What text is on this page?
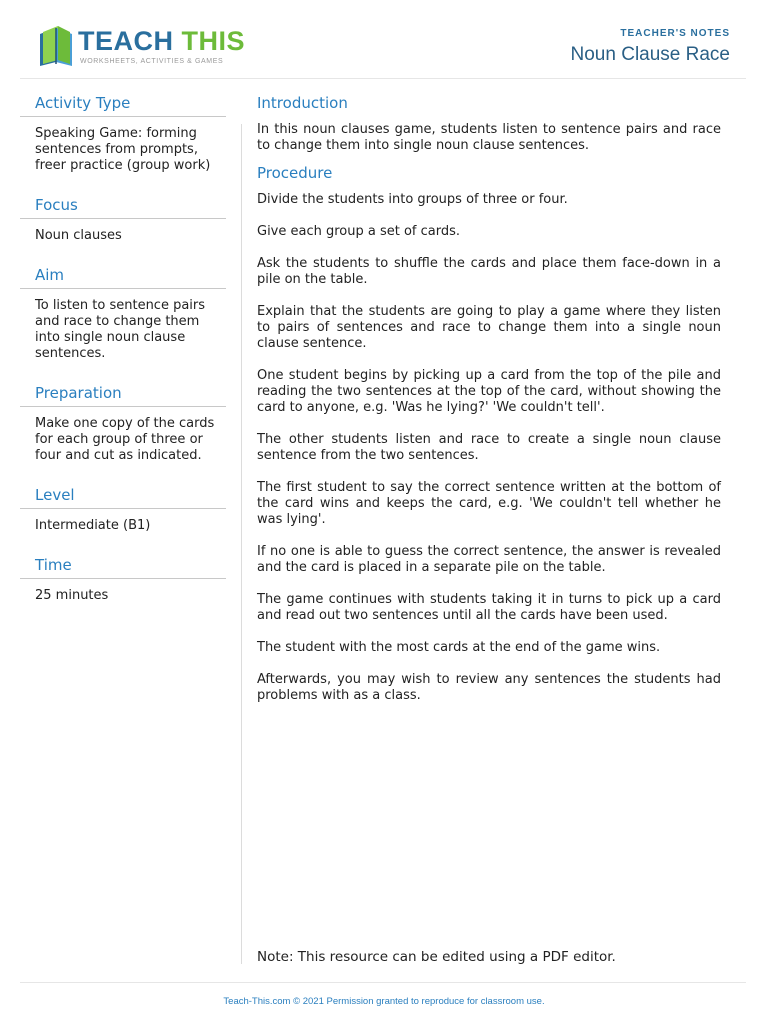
TEACH THIS
WORKSHEETS, ACTIVITIES & GAMES
TEACHER'S NOTES
Noun Clause Race
Activity Type
Speaking Game: forming sentences from prompts, freer practice (group work)
Focus
Noun clauses
Aim
To listen to sentence pairs and race to change them into single noun clause sentences.
Preparation
Make one copy of the cards for each group of three or four and cut as indicated.
Level
Intermediate (B1)
Time
25 minutes
Introduction

In this noun clauses game, students listen to sentence pairs and race to change them into single noun clause sentences.

Procedure

Divide the students into groups of three or four.

Give each group a set of cards.

Ask the students to shuffle the cards and place them face-down in a pile on the table.

Explain that the students are going to play a game where they listen to pairs of sentences and race to change them into a single noun clause sentence.

One student begins by picking up a card from the top of the pile and reading the two sentences at the top of the card, without showing the card to anyone, e.g. 'Was he lying?' 'We couldn't tell'.

The other students listen and race to create a single noun clause sentence from the two sentences.

The first student to say the correct sentence written at the bottom of the card wins and keeps the card, e.g. 'We couldn't tell whether he was lying'.

If no one is able to guess the correct sentence, the answer is revealed and the card is placed in a separate pile on the table.

The game continues with students taking it in turns to pick up a card and read out two sentences until all the cards have been used.

The student with the most cards at the end of the game wins.

Afterwards, you may wish to review any sentences the students had problems with as a class.

Note: This resource can be edited using a PDF editor.
Teach-This.com © 2021 Permission granted to reproduce for classroom use.
